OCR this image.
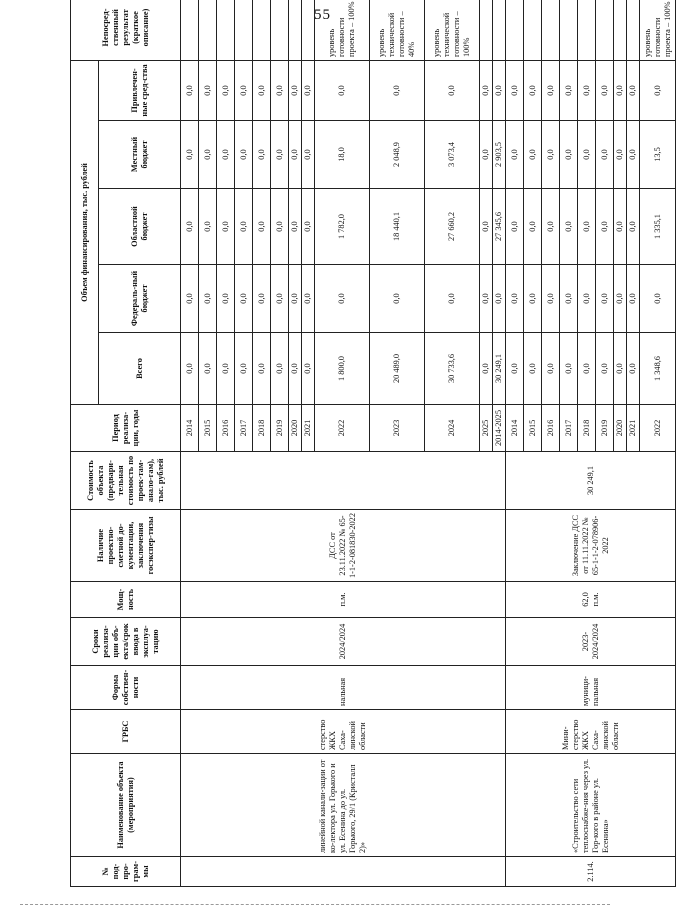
55
№ под-про-грам-мы	Наименование объекта (мероприятия)	ГРБС	Форма собствен-ности	Сроки реализа-ции объ-екта/срок ввода в эксплуа-тацию	Мощ-ность	Наличие проектно-сметной до-кументации, заключения госэкспер-тизы	Стоимость объекта (предвари-тельная стоимость по проек-там-анало-гам), тыс. рублей	Период реализа-ции, годы	Объем финансирования, тыс. рублей					Непосред-ственный результат (краткое описание)
									Всего	Федераль-ный бюджет	Областной бюджет	Местный бюджет	Привлечен-ные сред-ства	
	линейной канали-зации от ко-лектора ул. Горького и ул. Есенина до ул. Горького, 29/1 (Кристалл 2)»	стерство ЖКХ Саха-линской области	нальная	2024/2024	п.м.	ДСС от 23.11.2022 № 65-1-1-2-081830-2022		2014	0,0	0,0	0,0	0,0	0,0	
								2015	0,0	0,0	0,0	0,0	0,0	
								2016	0,0	0,0	0,0	0,0	0,0	
								2017	0,0	0,0	0,0	0,0	0,0	
								2018	0,0	0,0	0,0	0,0	0,0	
								2019	0,0	0,0	0,0	0,0	0,0	
								2020	0,0	0,0	0,0	0,0	0,0	
								2021	0,0	0,0	0,0	0,0	0,0	
								2022	1 800,0	0,0	1 782,0	18,0	0,0	уровень готовности проекта – 100%
								2023	20 489,0	0,0	18 440,1	2 048,9	0,0	уровень технической готовности – 40%
								2024	30 733,6	0,0	27 660,2	3 073,4	0,0	уровень технической готовности – 100%
								2025	0,0	0,0	0,0	0,0	0,0	
								2014-2025	30 249,1	0,0	27 345,6	2 903,5	0,0	
2.114.	«Строительство сети теплоснабже-ния через ул. Гор-кого в районе ул. Есенина»	Мини-стерство ЖКХ Саха-линской области	муници-пальная	2023-2024/2024	62,0 п.м.	Заключение ДСС от 11.11.2022 № 65-1-1-2-078906-2022	30 249,1	2014	0,0	0,0	0,0	0,0	0,0	
								2015	0,0	0,0	0,0	0,0	0,0	
								2016	0,0	0,0	0,0	0,0	0,0	
								2017	0,0	0,0	0,0	0,0	0,0	
								2018	0,0	0,0	0,0	0,0	0,0	
								2019	0,0	0,0	0,0	0,0	0,0	
								2020	0,0	0,0	0,0	0,0	0,0	
								2021	0,0	0,0	0,0	0,0	0,0	
								2022	1 348,6	0,0	1 335,1	13,5	0,0	уровень готовности проекта – 100%
